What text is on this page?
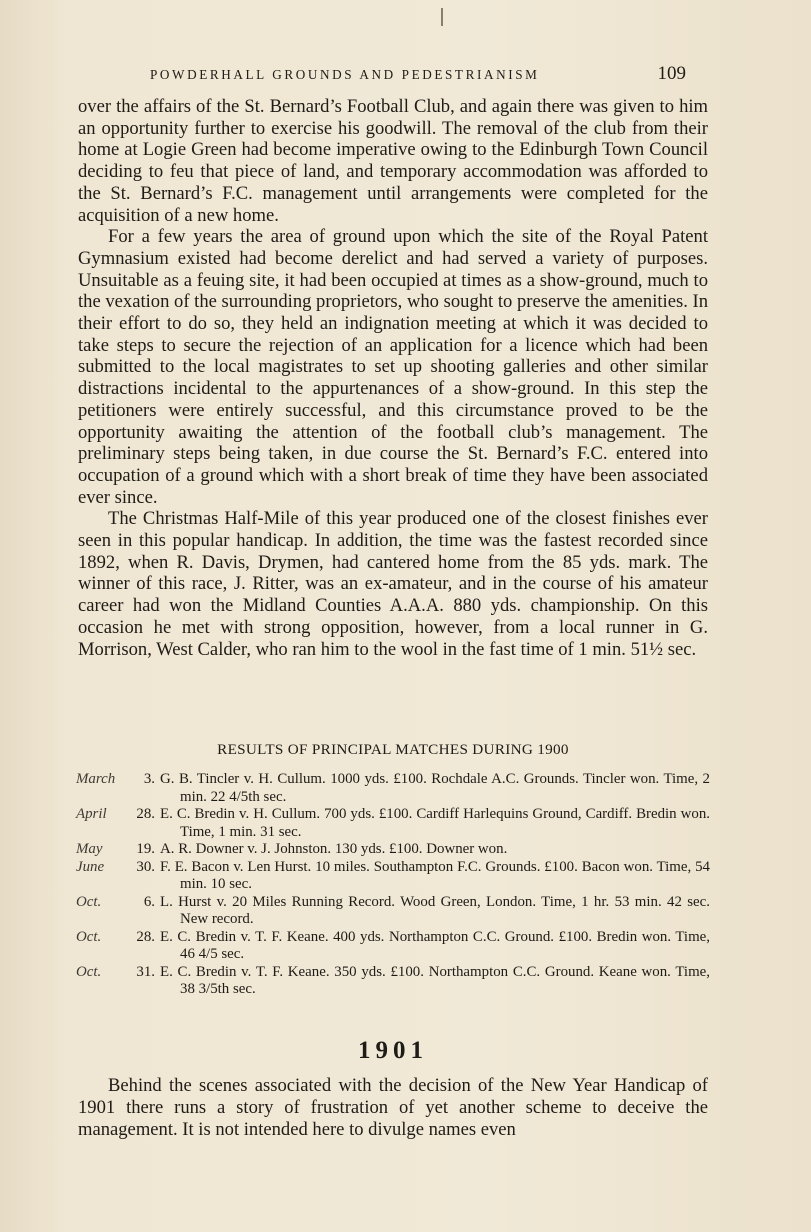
POWDERHALL GROUNDS AND PEDESTRIANISM	109

over the affairs of the St. Bernard’s Football Club, and again there was given to him an opportunity further to exercise his goodwill. The removal of the club from their home at Logie Green had become imperative owing to the Edinburgh Town Council deciding to feu that piece of land, and temporary accommodation was afforded to the St. Bernard’s F.C. management until arrangements were completed for the acquisition of a new home.

For a few years the area of ground upon which the site of the Royal Patent Gymnasium existed had become derelict and had served a variety of purposes. Unsuitable as a feuing site, it had been occupied at times as a show-ground, much to the vexation of the surrounding proprietors, who sought to preserve the amenities. In their effort to do so, they held an indignation meeting at which it was decided to take steps to secure the rejection of an application for a licence which had been submitted to the local magistrates to set up shooting galleries and other similar distractions incidental to the appurtenances of a show-ground. In this step the petitioners were entirely successful, and this circumstance proved to be the opportunity awaiting the attention of the football club’s management. The preliminary steps being taken, in due course the St. Bernard’s F.C. entered into occupation of a ground which with a short break of time they have been associated ever since.

The Christmas Half-Mile of this year produced one of the closest finishes ever seen in this popular handicap. In addition, the time was the fastest recorded since 1892, when R. Davis, Drymen, had cantered home from the 85 yds. mark. The winner of this race, J. Ritter, was an ex-amateur, and in the course of his amateur career had won the Midland Counties A.A.A. 880 yds. championship. On this occasion he met with strong opposition, however, from a local runner in G. Morrison, West Calder, who ran him to the wool in the fast time of 1 min. 51½ sec.

RESULTS OF PRINCIPAL MATCHES DURING 1900
March	3. G. B. Tincler v. H. Cullum. 1000 yds. £100. Rochdale A.C. Grounds. Tincler won. Time, 2 min. 22 4/5th sec.
April	28. E. C. Bredin v. H. Cullum. 700 yds. £100. Cardiff Harlequins Ground, Cardiff. Bredin won. Time, 1 min. 31 sec.
May	19. A. R. Downer v. J. Johnston. 130 yds. £100. Downer won.
June	30. F. E. Bacon v. Len Hurst. 10 miles. Southampton F.C. Grounds. £100. Bacon won. Time, 54 min. 10 sec.
Oct.	6. L. Hurst v. 20 Miles Running Record. Wood Green, London. Time, 1 hr. 53 min. 42 sec. New record.
Oct.	28. E. C. Bredin v. T. F. Keane. 400 yds. Northampton C.C. Ground. £100. Bredin won. Time, 46 4/5 sec.
Oct.	31. E. C. Bredin v. T. F. Keane. 350 yds. £100. Northampton C.C. Ground. Keane won. Time, 38 3/5th sec.
1901

Behind the scenes associated with the decision of the New Year Handicap of 1901 there runs a story of frustration of yet another scheme to deceive the management. It is not intended here to divulge names even
